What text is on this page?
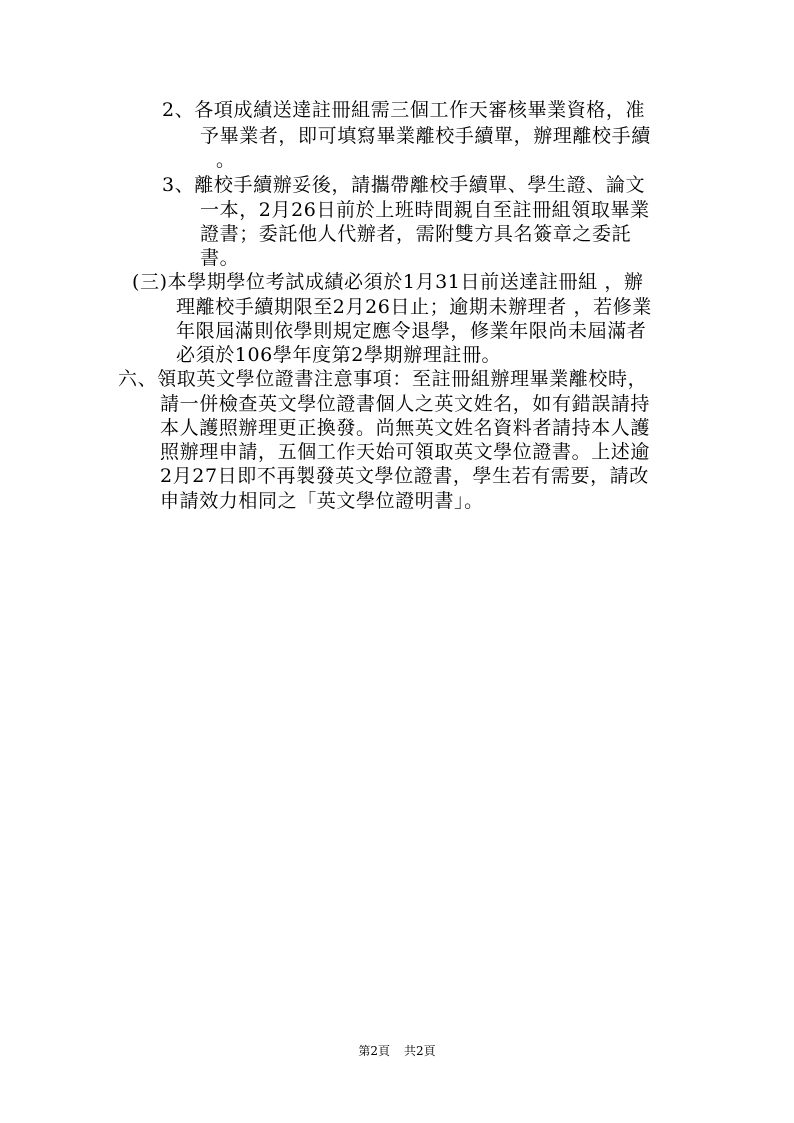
2、各項成績送達註冊組需三個工作天審核畢業資格，准
予畢業者，即可填寫畢業離校手續單，辦理離校手續
。
3、離校手續辦妥後，請攜帶離校手續單、學生證、論文
一本，2月26日前於上班時間親自至註冊組領取畢業
證書；委託他人代辦者，需附雙方具名簽章之委託
書。
(三)本學期學位考試成績必須於1月31日前送達註冊組 ，辦
理離校手續期限至2月26日止；逾期未辦理者 ，若修業
年限屆滿則依學則規定應令退學，修業年限尚未屆滿者
必須於106學年度第2學期辦理註冊。
六、領取英文學位證書注意事項：至註冊組辦理畢業離校時，
請一併檢查英文學位證書個人之英文姓名，如有錯誤請持
本人護照辦理更正換發。尚無英文姓名資料者請持本人護
照辦理申請，五個工作天始可領取英文學位證書。上述逾
2月27日即不再製發英文學位證書，學生若有需要，請改
申請效力相同之「英文學位證明書」。
第2頁 共2頁
